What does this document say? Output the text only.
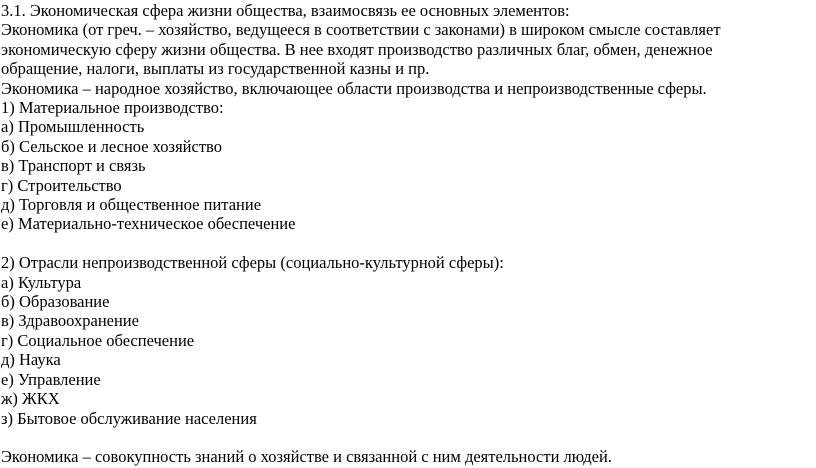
3.1. Экономическая сфера жизни общества, взаимосвязь ее основных элементов:
Экономика (от греч. – хозяйство, ведущееся в соответствии с законами) в широком смысле составляет
экономическую сферу жизни общества. В нее входят производство различных благ, обмен, денежное
обращение, налоги, выплаты из государственной казны и пр.
Экономика – народное хозяйство, включающее области производства и непроизводственные сферы.
1) Материальное производство:
а) Промышленность
б) Сельское и лесное хозяйство
в) Транспорт и связь
г) Строительство
д) Торговля и общественное питание
е) Материально-техническое обеспечение
2) Отрасли непроизводственной сферы (социально-культурной сферы):
а) Культура
б) Образование
в) Здравоохранение
г) Социальное обеспечение
д) Наука
е) Управление
ж) ЖКХ
з) Бытовое обслуживание населения
Экономика – совокупность знаний о хозяйстве и связанной с ним деятельности людей.
